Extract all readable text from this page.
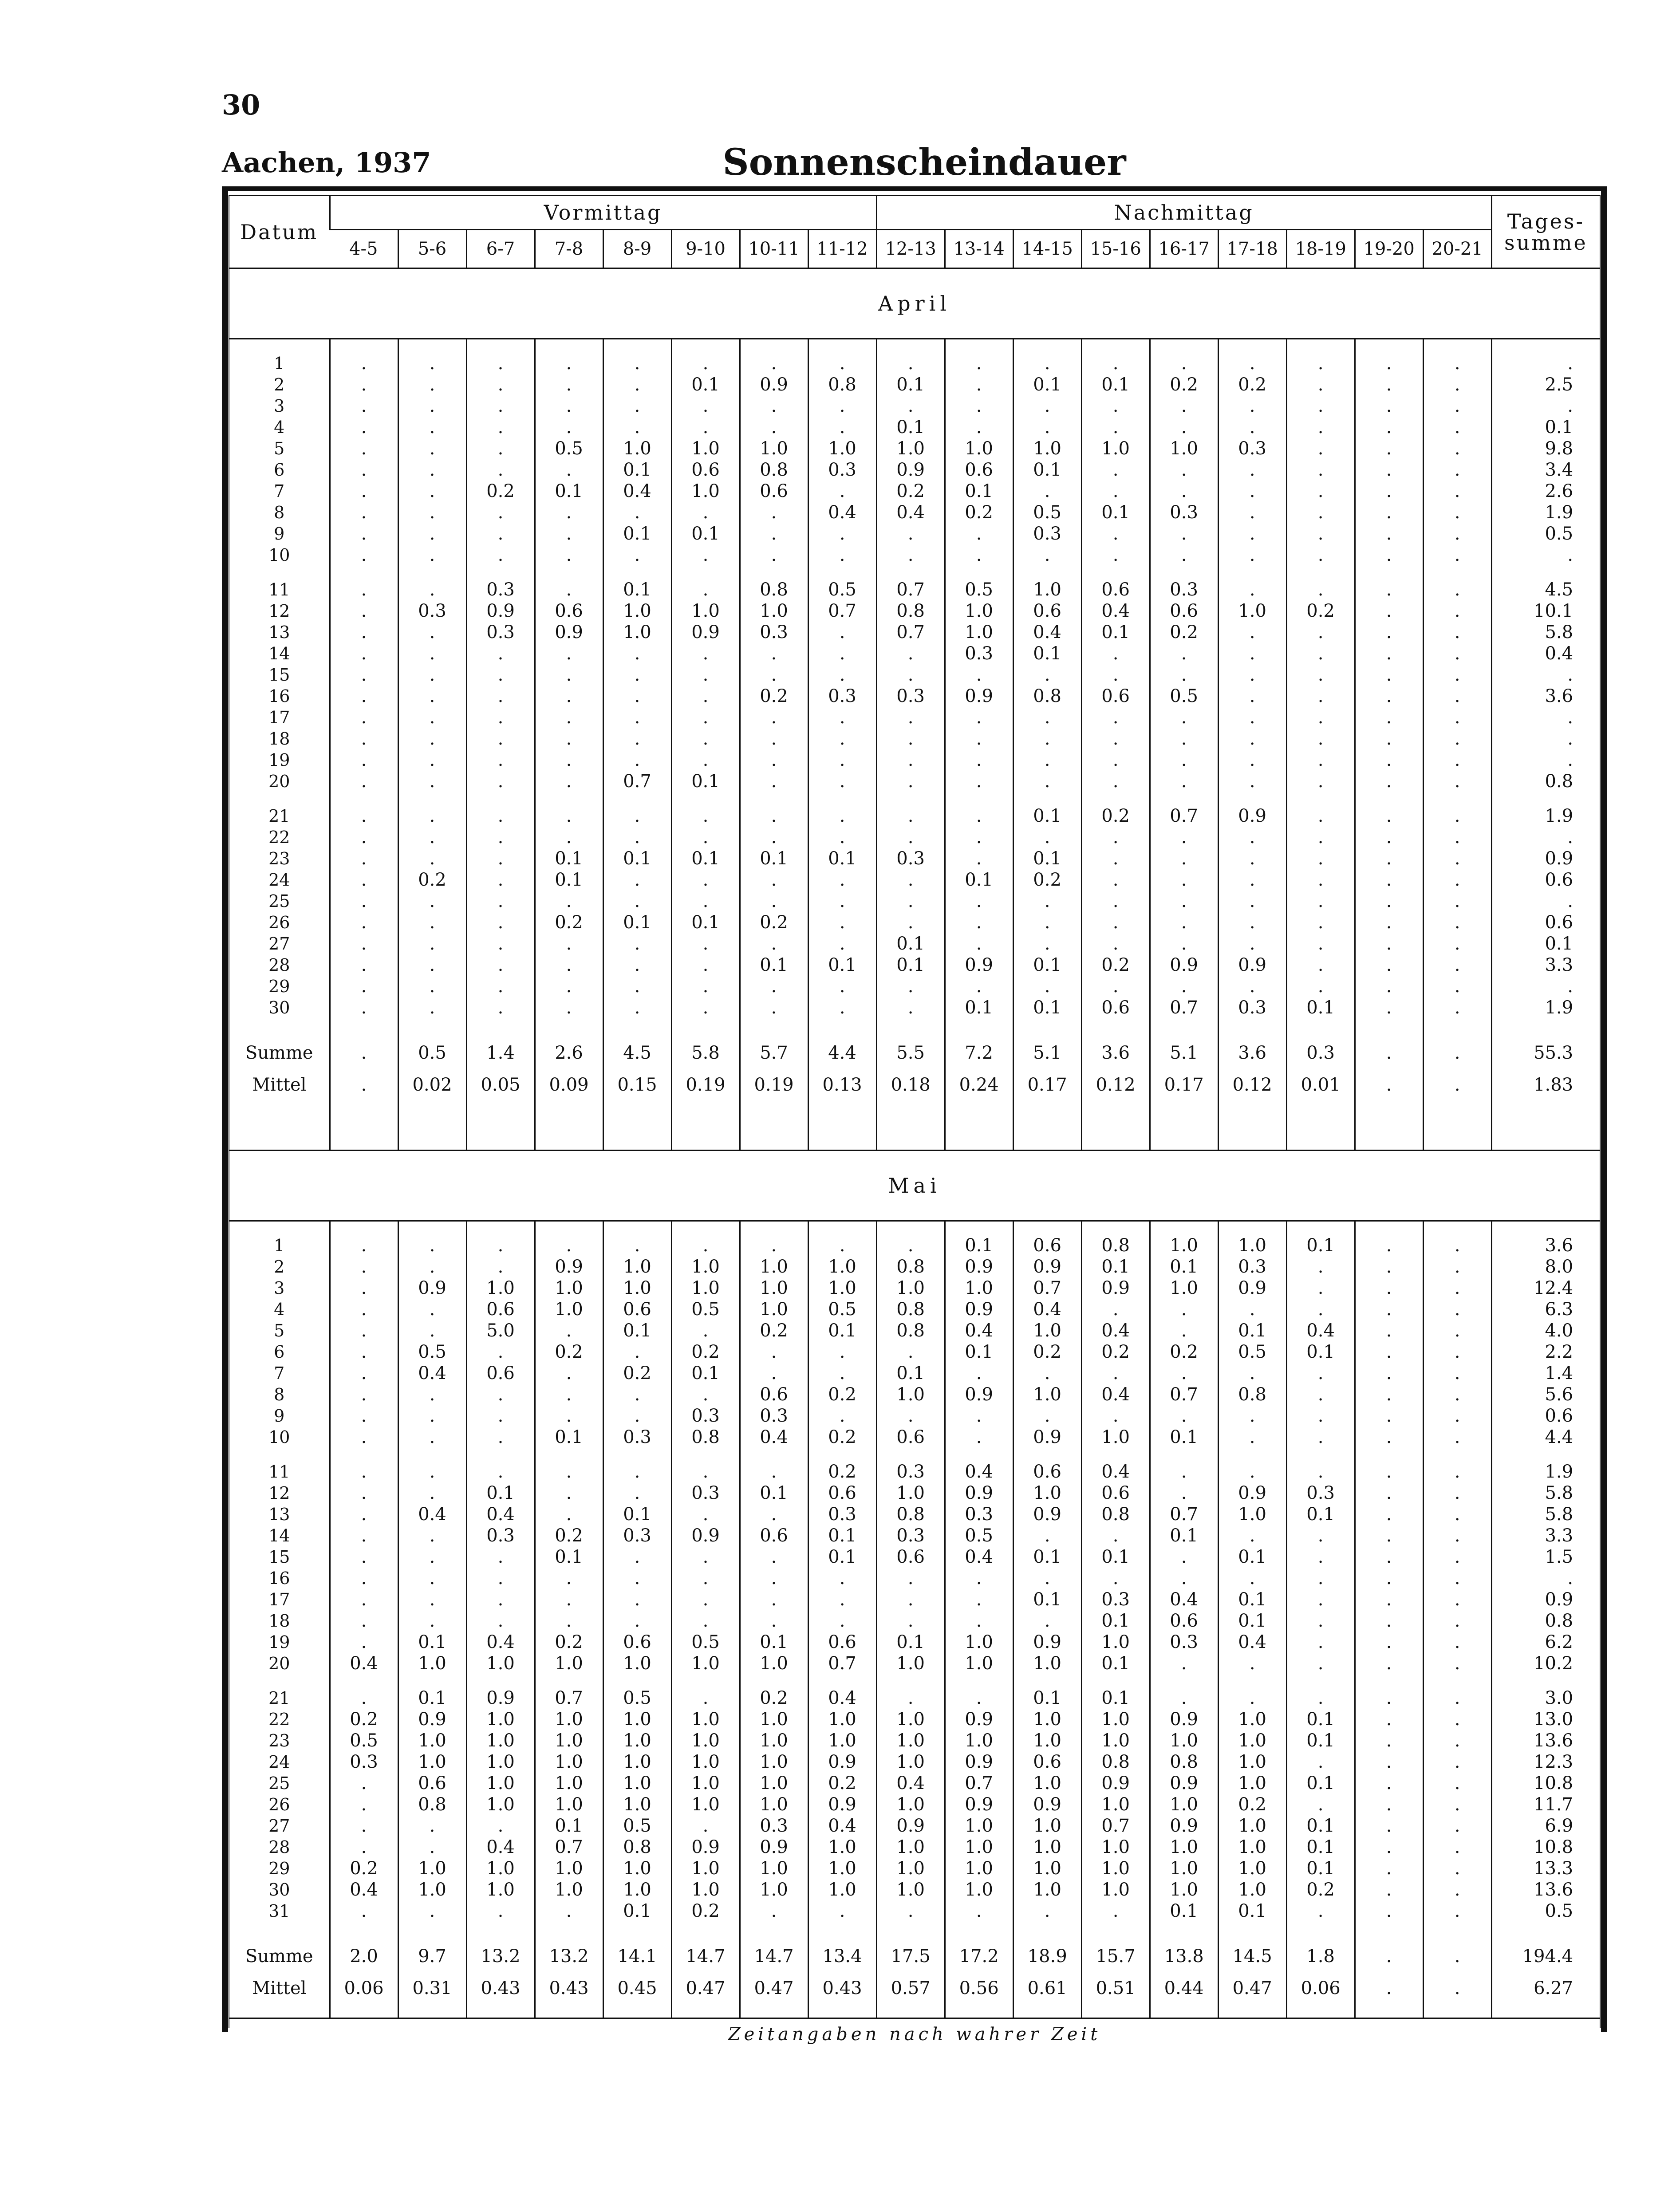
30
Aachen, 1937	Sonnenscheindauer
Datum	Vormittag								Nachmittag									Tages-
summe
	4-5	5-6	6-7	7-8	8-9	9-10	10-11	11-12	12-13	13-14	14-15	15-16	16-17	17-18	18-19	19-20	20-21	
April																		

1	.	.	.	.	.	.	.	.	.	.	.	.	.	.	.	.	.	.
2	.	.	.	.	.	0.1	0.9	0.8	0.1	.	0.1	0.1	0.2	0.2	.	.	.	2.5
3	.	.	.	.	.	.	.	.	.	.	.	.	.	.	.	.	.	.
4	.	.	.	.	.	.	.	.	0.1	.	.	.	.	.	.	.	.	0.1
5	.	.	.	0.5	1.0	1.0	1.0	1.0	1.0	1.0	1.0	1.0	1.0	0.3	.	.	.	9.8
6	.	.	.	.	0.1	0.6	0.8	0.3	0.9	0.6	0.1	.	.	.	.	.	.	3.4
7	.	.	0.2	0.1	0.4	1.0	0.6	.	0.2	0.1	.	.	.	.	.	.	.	2.6
8	.	.	.	.	.	.	.	0.4	0.4	0.2	0.5	0.1	0.3	.	.	.	.	1.9
9	.	.	.	.	0.1	0.1	.	.	.	.	0.3	.	.	.	.	.	.	0.5
10	.	.	.	.	.	.	.	.	.	.	.	.	.	.	.	.	.	.

11	.	.	0.3	.	0.1	.	0.8	0.5	0.7	0.5	1.0	0.6	0.3	.	.	.	.	4.5
12	.	0.3	0.9	0.6	1.0	1.0	1.0	0.7	0.8	1.0	0.6	0.4	0.6	1.0	0.2	.	.	10.1
13	.	.	0.3	0.9	1.0	0.9	0.3	.	0.7	1.0	0.4	0.1	0.2	.	.	.	.	5.8
14	.	.	.	.	.	.	.	.	.	0.3	0.1	.	.	.	.	.	.	0.4
15	.	.	.	.	.	.	.	.	.	.	.	.	.	.	.	.	.	.
16	.	.	.	.	.	.	0.2	0.3	0.3	0.9	0.8	0.6	0.5	.	.	.	.	3.6
17	.	.	.	.	.	.	.	.	.	.	.	.	.	.	.	.	.	.
18	.	.	.	.	.	.	.	.	.	.	.	.	.	.	.	.	.	.
19	.	.	.	.	.	.	.	.	.	.	.	.	.	.	.	.	.	.
20	.	.	.	.	0.7	0.1	.	.	.	.	.	.	.	.	.	.	.	0.8

21	.	.	.	.	.	.	.	.	.	.	0.1	0.2	0.7	0.9	.	.	.	1.9
22	.	.	.	.	.	.	.	.	.	.	.	.	.	.	.	.	.	.
23	.	.	.	0.1	0.1	0.1	0.1	0.1	0.3	.	0.1	.	.	.	.	.	.	0.9
24	.	0.2	.	0.1	.	.	.	.	.	0.1	0.2	.	.	.	.	.	.	0.6
25	.	.	.	.	.	.	.	.	.	.	.	.	.	.	.	.	.	.
26	.	.	.	0.2	0.1	0.1	0.2	.	.	.	.	.	.	.	.	.	.	0.6
27	.	.	.	.	.	.	.	.	0.1	.	.	.	.	.	.	.	.	0.1
28	.	.	.	.	.	.	0.1	0.1	0.1	0.9	0.1	0.2	0.9	0.9	.	.	.	3.3
29	.	.	.	.	.	.	.	.	.	.	.	.	.	.	.	.	.	.
30	.	.	.	.	.	.	.	.	.	0.1	0.1	0.6	0.7	0.3	0.1	.	.	1.9

Summe	.	0.5	1.4	2.6	4.5	5.8	5.7	4.4	5.5	7.2	5.1	3.6	5.1	3.6	0.3	.	.	55.3
Mittel	.	0.02	0.05	0.09	0.15	0.19	0.19	0.13	0.18	0.24	0.17	0.12	0.17	0.12	0.01	.	.	1.83

Mai																		

1	.	.	.	.	.	.	.	.	.	0.1	0.6	0.8	1.0	1.0	0.1	.	.	3.6
2	.	.	.	0.9	1.0	1.0	1.0	1.0	0.8	0.9	0.9	0.1	0.1	0.3	.	.	.	8.0
3	.	0.9	1.0	1.0	1.0	1.0	1.0	1.0	1.0	1.0	0.7	0.9	1.0	0.9	.	.	.	12.4
4	.	.	0.6	1.0	0.6	0.5	1.0	0.5	0.8	0.9	0.4	.	.	.	.	.	.	6.3
5	.	.	5.0	.	0.1	.	0.2	0.1	0.8	0.4	1.0	0.4	.	0.1	0.4	.	.	4.0
6	.	0.5	.	0.2	.	0.2	.	.	.	0.1	0.2	0.2	0.2	0.5	0.1	.	.	2.2
7	.	0.4	0.6	.	0.2	0.1	.	.	0.1	.	.	.	.	.	.	.	.	1.4
8	.	.	.	.	.	.	0.6	0.2	1.0	0.9	1.0	0.4	0.7	0.8	.	.	.	5.6
9	.	.	.	.	.	0.3	0.3	.	.	.	.	.	.	.	.	.	.	0.6
10	.	.	.	0.1	0.3	0.8	0.4	0.2	0.6	.	0.9	1.0	0.1	.	.	.	.	4.4

11	.	.	.	.	.	.	.	0.2	0.3	0.4	0.6	0.4	.	.	.	.	.	1.9
12	.	.	0.1	.	.	0.3	0.1	0.6	1.0	0.9	1.0	0.6	.	0.9	0.3	.	.	5.8
13	.	0.4	0.4	.	0.1	.	.	0.3	0.8	0.3	0.9	0.8	0.7	1.0	0.1	.	.	5.8
14	.	.	0.3	0.2	0.3	0.9	0.6	0.1	0.3	0.5	.	.	0.1	.	.	.	.	3.3
15	.	.	.	0.1	.	.	.	0.1	0.6	0.4	0.1	0.1	.	0.1	.	.	.	1.5
16	.	.	.	.	.	.	.	.	.	.	.	.	.	.	.	.	.	.
17	.	.	.	.	.	.	.	.	.	.	0.1	0.3	0.4	0.1	.	.	.	0.9
18	.	.	.	.	.	.	.	.	.	.	.	0.1	0.6	0.1	.	.	.	0.8
19	.	0.1	0.4	0.2	0.6	0.5	0.1	0.6	0.1	1.0	0.9	1.0	0.3	0.4	.	.	.	6.2
20	0.4	1.0	1.0	1.0	1.0	1.0	1.0	0.7	1.0	1.0	1.0	0.1	.	.	.	.	.	10.2

21	.	0.1	0.9	0.7	0.5	.	0.2	0.4	.	.	0.1	0.1	.	.	.	.	.	3.0
22	0.2	0.9	1.0	1.0	1.0	1.0	1.0	1.0	1.0	0.9	1.0	1.0	0.9	1.0	0.1	.	.	13.0
23	0.5	1.0	1.0	1.0	1.0	1.0	1.0	1.0	1.0	1.0	1.0	1.0	1.0	1.0	0.1	.	.	13.6
24	0.3	1.0	1.0	1.0	1.0	1.0	1.0	0.9	1.0	0.9	0.6	0.8	0.8	1.0	.	.	.	12.3
25	.	0.6	1.0	1.0	1.0	1.0	1.0	0.2	0.4	0.7	1.0	0.9	0.9	1.0	0.1	.	.	10.8
26	.	0.8	1.0	1.0	1.0	1.0	1.0	0.9	1.0	0.9	0.9	1.0	1.0	0.2	.	.	.	11.7
27	.	.	.	0.1	0.5	.	0.3	0.4	0.9	1.0	1.0	0.7	0.9	1.0	0.1	.	.	6.9
28	.	.	0.4	0.7	0.8	0.9	0.9	1.0	1.0	1.0	1.0	1.0	1.0	1.0	0.1	.	.	10.8
29	0.2	1.0	1.0	1.0	1.0	1.0	1.0	1.0	1.0	1.0	1.0	1.0	1.0	1.0	0.1	.	.	13.3
30	0.4	1.0	1.0	1.0	1.0	1.0	1.0	1.0	1.0	1.0	1.0	1.0	1.0	1.0	0.2	.	.	13.6
31	.	.	.	.	0.1	0.2	.	.	.	.	.	.	0.1	0.1	.	.	.	0.5

Summe	2.0	9.7	13.2	13.2	14.1	14.7	14.7	13.4	17.5	17.2	18.9	15.7	13.8	14.5	1.8	.	.	194.4
Mittel	0.06	0.31	0.43	0.43	0.45	0.47	0.47	0.43	0.57	0.56	0.61	0.51	0.44	0.47	0.06	.	.	6.27

Zeitangaben nach wahrer Zeit																		
